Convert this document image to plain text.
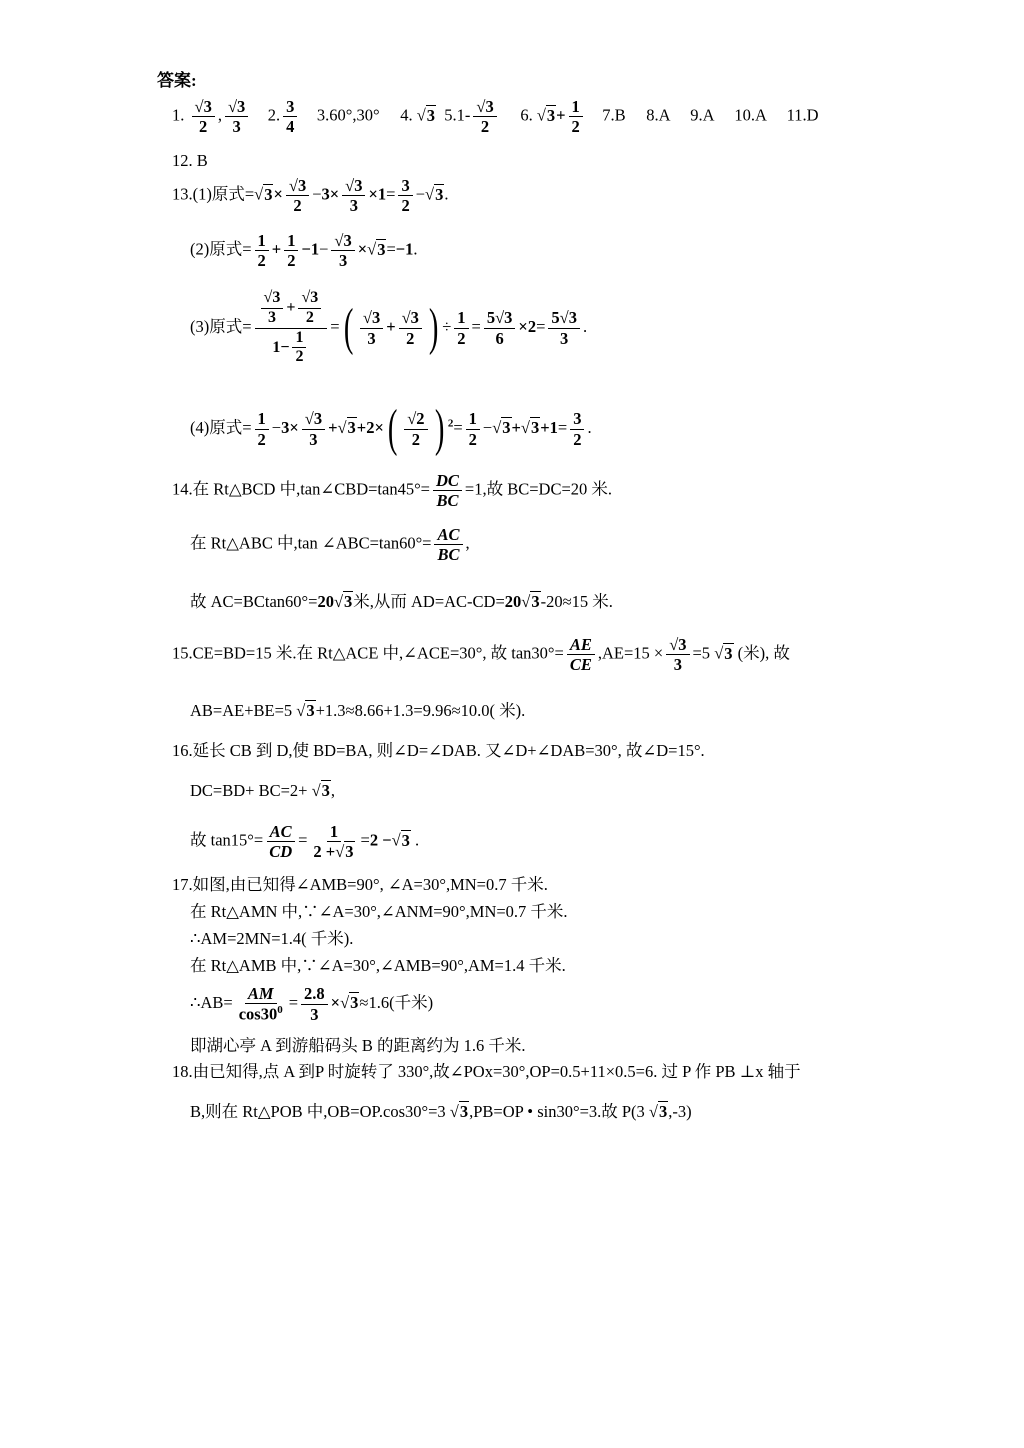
答案:
1. $\frac{√3}{2}$ , $\frac{√3}{3} 2$. $\frac{3}{4} 3.60^\circ,30^\circ$ 4. √3 $5.1- \frac{√3}{2} 6$. $√3+ \frac{1}{2} 7.B$     8.A     9.A     10.A     11.D
12. B
13.(1)原式$=√3\times \frac{√3}{2} -3\times \frac{√3}{3} \times 1= \frac{3}{2} -√3$.
(2)原式= $\frac{1}{2} + \frac{1}{2} -1- \frac{√3}{3} \times√3=-1$.
(3)原式= $\frac{\frac{√3}{3} + \frac{√3}{2}}{1- \frac{1}{2}}$ =( $\frac{√3}{3} + \frac{√3}{2}$ ) ÷ $\frac{1}{2} = \frac{5√3}{6} \times 2= \frac{5√3}{3}$ .
(4)原式= $\frac{1}{2} -3\times \frac{√3}{3} +√3+2\times( \frac{√2}{2}$ ) $^2= \frac{1}{2} -√3+√3+1= \frac{3}{2}$ .
14.在 Rt△BCD 中,tan∠CBD=tan45°= $\frac{DC}{BC} =1$,故 BC=DC=20 米.
在 Rt△ABC 中,tan ∠ABC=tan60°= $\frac{AC}{BC}$ ,
故 AC=BCtan60°=20√3米,从而 AD=AC-CD=20√3-20≈15 米.
15.CE=BD=15 米.在 Rt△ACE 中,∠ACE=30°, 故 $\tan 30^\circ= \frac{AE}{CE} ,AE=15 \times \frac{√3}{3} =5$ √3 (米), 故
AB=AE+BE=5 √3+1.3≈8.66+1.3=9.96≈10.0( 米).
16.延长 CB 到 D,使 BD=BA, 则∠D=∠DAB. 又∠D+∠DAB=30°, 故∠D=15°.
DC=BD+ BC=2+ √3,
故 $\tan 15^\circ= \frac{AC}{CD} = \frac{1}{2 +√3} =2 -√3$ .
17.如图,由已知得∠AMB=90°, ∠A=30°,MN=0.7 千米.
在 Rt△AMN 中,∵∠A=30°,∠ANM=90°,MN=0.7 千米.
∴AM=2MN=1.4( 千米).
在 Rt△AMB 中,∵∠A=30°,∠AMB=90°,AM=1.4 千米.
∴AB= $\frac{AM}{\cos 30^0} = \frac{2.8}{3} \times√3\approx 1.6$(千米)
即湖心亭 A 到游船码头 B 的距离约为 1.6 千米.
18.由已知得,点 A 到P 时旋转了 330°,故∠POx=30°,OP=0.5+11×0.5=6. 过 P 作 PB ⊥x 轴于
B,则在 Rt△POB 中,OB=OP.cos30°=3 √3,PB=OP • sin30°=3.故 P(3 √3,-3)
